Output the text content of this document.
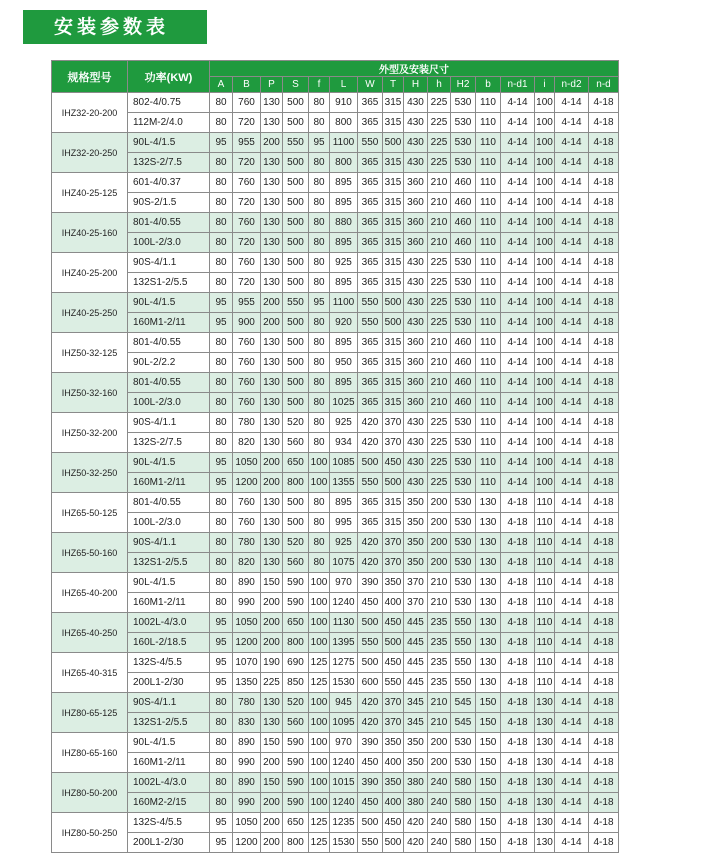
安装参数表
规格型号	功率(KW)	外型及安装尺寸															
		A	B	P	S	f	L	W	T	H	h	H2	b	n-d1	i	n-d2	n-d
IHZ32-20-200	802-4/0.75	80	760	130	500	80	910	365	315	430	225	530	110	4-14	100	4-14	4-18
	112M-2/4.0	80	720	130	500	80	800	365	315	430	225	530	110	4-14	100	4-14	4-18
IHZ32-20-250	90L-4/1.5	95	955	200	550	95	1100	550	500	430	225	530	110	4-14	100	4-14	4-18
	132S-2/7.5	80	720	130	500	80	800	365	315	430	225	530	110	4-14	100	4-14	4-18
IHZ40-25-125	601-4/0.37	80	760	130	500	80	895	365	315	360	210	460	110	4-14	100	4-14	4-18
	90S-2/1.5	80	720	130	500	80	895	365	315	360	210	460	110	4-14	100	4-14	4-18
IHZ40-25-160	801-4/0.55	80	760	130	500	80	880	365	315	360	210	460	110	4-14	100	4-14	4-18
	100L-2/3.0	80	720	130	500	80	895	365	315	360	210	460	110	4-14	100	4-14	4-18
IHZ40-25-200	90S-4/1.1	80	760	130	500	80	925	365	315	430	225	530	110	4-14	100	4-14	4-18
	132S1-2/5.5	80	720	130	500	80	895	365	315	430	225	530	110	4-14	100	4-14	4-18
IHZ40-25-250	90L-4/1.5	95	955	200	550	95	1100	550	500	430	225	530	110	4-14	100	4-14	4-18
	160M1-2/11	95	900	200	500	80	920	550	500	430	225	530	110	4-14	100	4-14	4-18
IHZ50-32-125	801-4/0.55	80	760	130	500	80	895	365	315	360	210	460	110	4-14	100	4-14	4-18
	90L-2/2.2	80	760	130	500	80	950	365	315	360	210	460	110	4-14	100	4-14	4-18
IHZ50-32-160	801-4/0.55	80	760	130	500	80	895	365	315	360	210	460	110	4-14	100	4-14	4-18
	100L-2/3.0	80	760	130	500	80	1025	365	315	360	210	460	110	4-14	100	4-14	4-18
IHZ50-32-200	90S-4/1.1	80	780	130	520	80	925	420	370	430	225	530	110	4-14	100	4-14	4-18
	132S-2/7.5	80	820	130	560	80	934	420	370	430	225	530	110	4-14	100	4-14	4-18
IHZ50-32-250	90L-4/1.5	95	1050	200	650	100	1085	500	450	430	225	530	110	4-14	100	4-14	4-18
	160M1-2/11	95	1200	200	800	100	1355	550	500	430	225	530	110	4-14	100	4-14	4-18
IHZ65-50-125	801-4/0.55	80	760	130	500	80	895	365	315	350	200	530	130	4-18	110	4-14	4-18
	100L-2/3.0	80	760	130	500	80	995	365	315	350	200	530	130	4-18	110	4-14	4-18
IHZ65-50-160	90S-4/1.1	80	780	130	520	80	925	420	370	350	200	530	130	4-18	110	4-14	4-18
	132S1-2/5.5	80	820	130	560	80	1075	420	370	350	200	530	130	4-18	110	4-14	4-18
IHZ65-40-200	90L-4/1.5	80	890	150	590	100	970	390	350	370	210	530	130	4-18	110	4-14	4-18
	160M1-2/11	80	990	200	590	100	1240	450	400	370	210	530	130	4-18	110	4-14	4-18
IHZ65-40-250	1002L-4/3.0	95	1050	200	650	100	1130	500	450	445	235	550	130	4-18	110	4-14	4-18
	160L-2/18.5	95	1200	200	800	100	1395	550	500	445	235	550	130	4-18	110	4-14	4-18
IHZ65-40-315	132S-4/5.5	95	1070	190	690	125	1275	500	450	445	235	550	130	4-18	110	4-14	4-18
	200L1-2/30	95	1350	225	850	125	1530	600	550	445	235	550	130	4-18	110	4-14	4-18
IHZ80-65-125	90S-4/1.1	80	780	130	520	100	945	420	370	345	210	545	150	4-18	130	4-14	4-18
	132S1-2/5.5	80	830	130	560	100	1095	420	370	345	210	545	150	4-18	130	4-14	4-18
IHZ80-65-160	90L-4/1.5	80	890	150	590	100	970	390	350	350	200	530	150	4-18	130	4-14	4-18
	160M1-2/11	80	990	200	590	100	1240	450	400	350	200	530	150	4-18	130	4-14	4-18
IHZ80-50-200	1002L-4/3.0	80	890	150	590	100	1015	390	350	380	240	580	150	4-18	130	4-14	4-18
	160M2-2/15	80	990	200	590	100	1240	450	400	380	240	580	150	4-18	130	4-14	4-18
IHZ80-50-250	132S-4/5.5	95	1050	200	650	125	1235	500	450	420	240	580	150	4-18	130	4-14	4-18
	200L1-2/30	95	1200	200	800	125	1530	550	500	420	240	580	150	4-18	130	4-14	4-18
